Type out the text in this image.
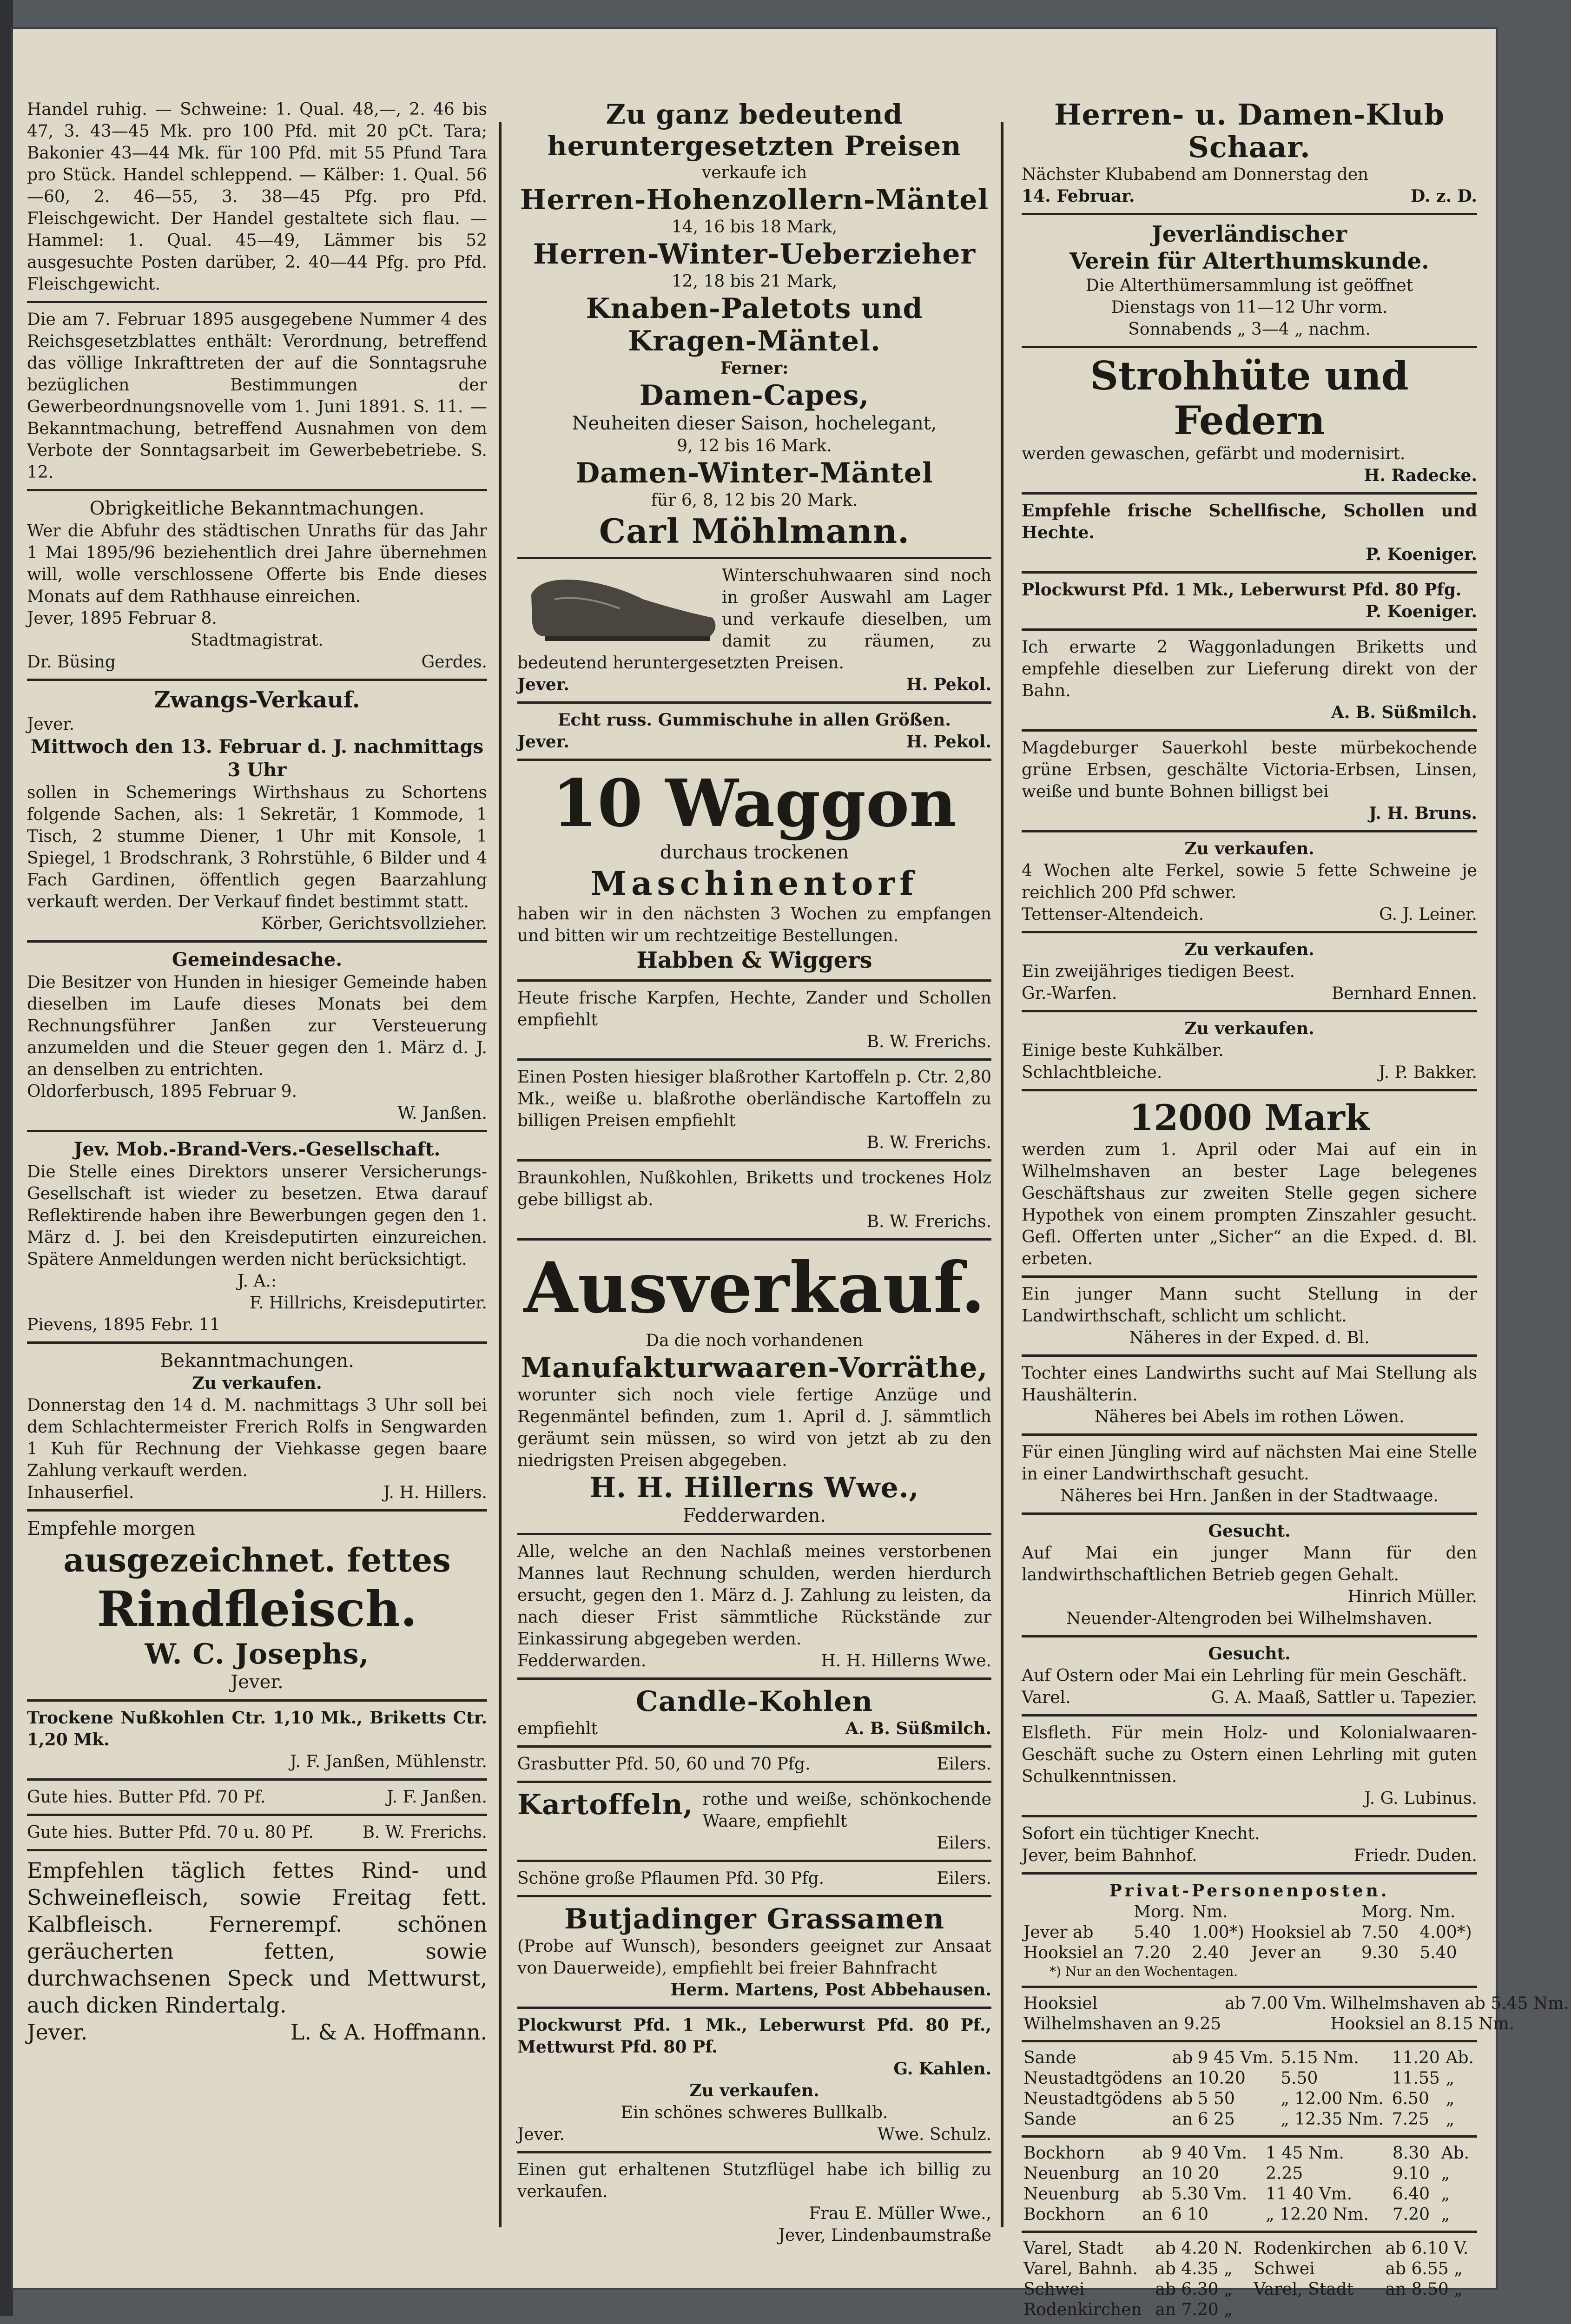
Handel ruhig. — Schweine: 1. Qual. 48,—, 2. 46 bis 47, 3. 43—45 Mk. pro 100 Pfd. mit 20 pCt. Tara; Bakonier 43—44 Mk. für 100 Pfd. mit 55 Pfund Tara pro Stück. Handel schleppend. — Kälber: 1. Qual. 56—60, 2. 46—55, 3. 38—45 Pfg. pro Pfd. Fleischgewicht. Der Handel gestaltete sich flau. — Hammel: 1. Qual. 45—49, Lämmer bis 52 ausgesuchte Posten darüber, 2. 40—44 Pfg. pro Pfd. Fleischgewicht.
Die am 7. Februar 1895 ausgegebene Nummer 4 des Reichsgesetzblattes enthält: Verordnung, betreffend das völlige Inkrafttreten der auf die Sonntagsruhe bezüglichen Bestimmungen der Gewerbeordnungsnovelle vom 1. Juni 1891. S. 11. — Bekanntmachung, betreffend Ausnahmen von dem Verbote der Sonntagsarbeit im Gewerbebetriebe. S. 12.
Obrigkeitliche Bekanntmachungen.
Wer die Abfuhr des städtischen Unraths für das Jahr 1 Mai 1895/96 beziehentlich drei Jahre übernehmen will, wolle verschlossene Offerte bis Ende dieses Monats auf dem Rathhause einreichen.
Jever, 1895 Februar 8.
Stadtmagistrat.
Dr. Büsing	Gerdes.
Zwangs-Verkauf.
Jever.
Mittwoch den 13. Februar d. J. nachmittags 3 Uhr
sollen in Schemerings Wirthshaus zu Schortens folgende Sachen, als: 1 Sekretär, 1 Kommode, 1 Tisch, 2 stumme Diener, 1 Uhr mit Konsole, 1 Spiegel, 1 Brodschrank, 3 Rohrstühle, 6 Bilder und 4 Fach Gardinen, öffentlich gegen Baarzahlung verkauft werden. Der Verkauf findet bestimmt statt.
Körber, Gerichtsvollzieher.
Gemeindesache.
Die Besitzer von Hunden in hiesiger Gemeinde haben dieselben im Laufe dieses Monats bei dem Rechnungsführer Janßen zur Versteuerung anzumelden und die Steuer gegen den 1. März d. J. an denselben zu entrichten.
Oldorferbusch, 1895 Februar 9.
W. Janßen.
Jev. Mob.-Brand-Vers.-Gesellschaft.
Die Stelle eines Direktors unserer Versicherungs-Gesellschaft ist wieder zu besetzen. Etwa darauf Reflektirende haben ihre Bewerbungen gegen den 1. März d. J. bei den Kreisdeputirten einzureichen. Spätere Anmeldungen werden nicht berücksichtigt.
J. A.:
F. Hillrichs, Kreisdeputirter.
Pievens, 1895 Febr. 11
Bekanntmachungen.
Zu verkaufen.
Donnerstag den 14 d. M. nachmittags 3 Uhr soll bei dem Schlachtermeister Frerich Rolfs in Sengwarden 1 Kuh für Rechnung der Viehkasse gegen baare Zahlung verkauft werden.
Inhauserfiel.	J. H. Hillers.
Empfehle morgen
ausgezeichnet. fettes
Rindfleisch.
W. C. Josephs,
Jever.
Trockene Nußkohlen Ctr. 1,10 Mk., Briketts Ctr. 1,20 Mk.
J. F. Janßen, Mühlenstr.
Gute hies. Butter Pfd. 70 Pf.	J. F. Janßen.
Gute hies. Butter Pfd. 70 u. 80 Pf.	B. W. Frerichs.
Empfehlen täglich fettes Rind- und Schweinefleisch, sowie Freitag fett. Kalbfleisch. Fernerempf. schönen geräucherten fetten, sowie durchwachsenen Speck und Mettwurst, auch dicken Rindertalg.
Jever.	L. & A. Hoffmann.
Zu ganz bedeutend heruntergesetzten Preisen
verkaufe ich
Herren-Hohenzollern-Mäntel
14, 16 bis 18 Mark,
Herren-Winter-Ueberzieher
12, 18 bis 21 Mark,
Knaben-Paletots und Kragen-Mäntel.
Ferner:
Damen-Capes,
Neuheiten dieser Saison, hochelegant,
9, 12 bis 16 Mark.
Damen-Winter-Mäntel
für 6, 8, 12 bis 20 Mark.
Carl Möhlmann.
Winterschuhwaaren sind noch in großer Auswahl am Lager und verkaufe dieselben, um damit zu räumen, zu bedeutend heruntergesetzten Preisen.
Jever.	H. Pekol.
Echt russ. Gummischuhe in allen Größen.
Jever.	H. Pekol.
10 Waggon
durchaus trockenen
Maschinentorf
haben wir in den nächsten 3 Wochen zu empfangen und bitten wir um rechtzeitige Bestellungen.
Habben & Wiggers
Heute frische Karpfen, Hechte, Zander und Schollen empfiehlt
B. W. Frerichs.
Einen Posten hiesiger blaßrother Kartoffeln p. Ctr. 2,80 Mk., weiße u. blaßrothe oberländische Kartoffeln zu billigen Preisen empfiehlt
B. W. Frerichs.
Braunkohlen, Nußkohlen, Briketts und trockenes Holz gebe billigst ab.
B. W. Frerichs.
Ausverkauf.
Da die noch vorhandenen
Manufakturwaaren-Vorräthe,
worunter sich noch viele fertige Anzüge und Regenmäntel befinden, zum 1. April d. J. sämmtlich geräumt sein müssen, so wird von jetzt ab zu den niedrigsten Preisen abgegeben.
H. H. Hillerns Wwe.,
Fedderwarden.
Alle, welche an den Nachlaß meines verstorbenen Mannes laut Rechnung schulden, werden hierdurch ersucht, gegen den 1. März d. J. Zahlung zu leisten, da nach dieser Frist sämmtliche Rückstände zur Einkassirung abgegeben werden.
Fedderwarden.	H. H. Hillerns Wwe.
Candle-Kohlen
empfiehlt	A. B. Süßmilch.
Grasbutter Pfd. 50, 60 und 70 Pfg.	Eilers.
Kartoffeln, rothe und weiße, schönkochende Waare, empfiehlt
Eilers.
Schöne große Pflaumen Pfd. 30 Pfg.	Eilers.
Butjadinger Grassamen
(Probe auf Wunsch), besonders geeignet zur Ansaat von Dauerweide), empfiehlt bei freier Bahnfracht
Herm. Martens, Post Abbehausen.
Plockwurst Pfd. 1 Mk., Leberwurst Pfd. 80 Pf., Mettwurst Pfd. 80 Pf.
G. Kahlen.
Zu verkaufen.
Ein schönes schweres Bullkalb.
Jever.	Wwe. Schulz.
Einen gut erhaltenen Stutzflügel habe ich billig zu verkaufen.
Frau E. Müller Wwe.,
Jever, Lindenbaumstraße
Herren- u. Damen-Klub Schaar.
Nächster Klubabend am Donnerstag den
14. Februar.	D. z. D.
Jeverländischer
Verein für Alterthumskunde.
Die Alterthümersammlung ist geöffnet
Dienstags von 11—12 Uhr vorm.
Sonnabends „ 3—4 „ nachm.
Strohhüte und Federn
werden gewaschen, gefärbt und modernisirt.
H. Radecke.
Empfehle frische Schellfische, Schollen und Hechte.
P. Koeniger.
Plockwurst Pfd. 1 Mk., Leberwurst Pfd. 80 Pfg.
P. Koeniger.
Ich erwarte 2 Waggonladungen Briketts und empfehle dieselben zur Lieferung direkt von der Bahn.
A. B. Süßmilch.
Magdeburger Sauerkohl beste mürbekochende grüne Erbsen, geschälte Victoria-Erbsen, Linsen, weiße und bunte Bohnen billigst bei
J. H. Bruns.
Zu verkaufen.
4 Wochen alte Ferkel, sowie 5 fette Schweine je reichlich 200 Pfd schwer.
Tettenser-Altendeich.	G. J. Leiner.
Zu verkaufen.
Ein zweijähriges tiedigen Beest.
Gr.-Warfen.	Bernhard Ennen.
Zu verkaufen.
Einige beste Kuhkälber.
Schlachtbleiche.	J. P. Bakker.
12000 Mark
werden zum 1. April oder Mai auf ein in Wilhelmshaven an bester Lage belegenes Geschäftshaus zur zweiten Stelle gegen sichere Hypothek von einem prompten Zinszahler gesucht. Gefl. Offerten unter „Sicher“ an die Exped. d. Bl. erbeten.
Ein junger Mann sucht Stellung in der Landwirthschaft, schlicht um schlicht.
Näheres in der Exped. d. Bl.
Tochter eines Landwirths sucht auf Mai Stellung als Haushälterin.
Näheres bei Abels im rothen Löwen.
Für einen Jüngling wird auf nächsten Mai eine Stelle in einer Landwirthschaft gesucht.
Näheres bei Hrn. Janßen in der Stadtwaage.
Gesucht.
Auf Mai ein junger Mann für den landwirthschaftlichen Betrieb gegen Gehalt.
Hinrich Müller.
Neuender-Altengroden bei Wilhelmshaven.
Gesucht.
Auf Ostern oder Mai ein Lehrling für mein Geschäft.
Varel.	G. A. Maaß, Sattler u. Tapezier.
Elsfleth. Für mein Holz- und Kolonialwaaren-Geschäft suche zu Ostern einen Lehrling mit guten Schulkenntnissen.
J. G. Lubinus.
Sofort ein tüchtiger Knecht.
Jever, beim Bahnhof.	Friedr. Duden.
Privat-Personenposten.
	Morg.	Nm.		Morg.	Nm.
Jever ab	5.40	1.00*)	Hooksiel ab	7.50	4.00*)
Hooksiel an	7.20	2.40	Jever an	9.30	5.40
*) Nur an den Wochentagen.
Hooksiel	ab 7.00 Vm.	Wilhelmshaven ab 5.45 Nm.
Wilhelmshaven an 9.25		Hooksiel an 8.15 Nm.
Sande	ab	9 45 Vm.	5.15 Nm.	11.20	Ab.
Neustadtgödens	an	10.20	5.50	11.55	„
Neustadtgödens	ab	5 50	„ 12.00 Nm.	6.50	„
Sande	an	6 25	„ 12.35 Nm.	7.25	„
Bockhorn	ab	9 40 Vm.	1 45 Nm.	8.30	Ab.
Neuenburg	an	10 20	2.25	9.10	„
Neuenburg	ab	5.30 Vm.	11 40 Vm.	6.40	„
Bockhorn	an	6 10	„ 12.20 Nm.	7.20	„
Varel, Stadt	ab 4.20 N.	Rodenkirchen	ab 6.10 V.
Varel, Bahnh.	ab 4.35 „	Schwei	ab 6.55 „
Schwei	ab 6.30 „	Varel, Stadt	an 8.50 „
Rodenkirchen	an 7.20 „		
